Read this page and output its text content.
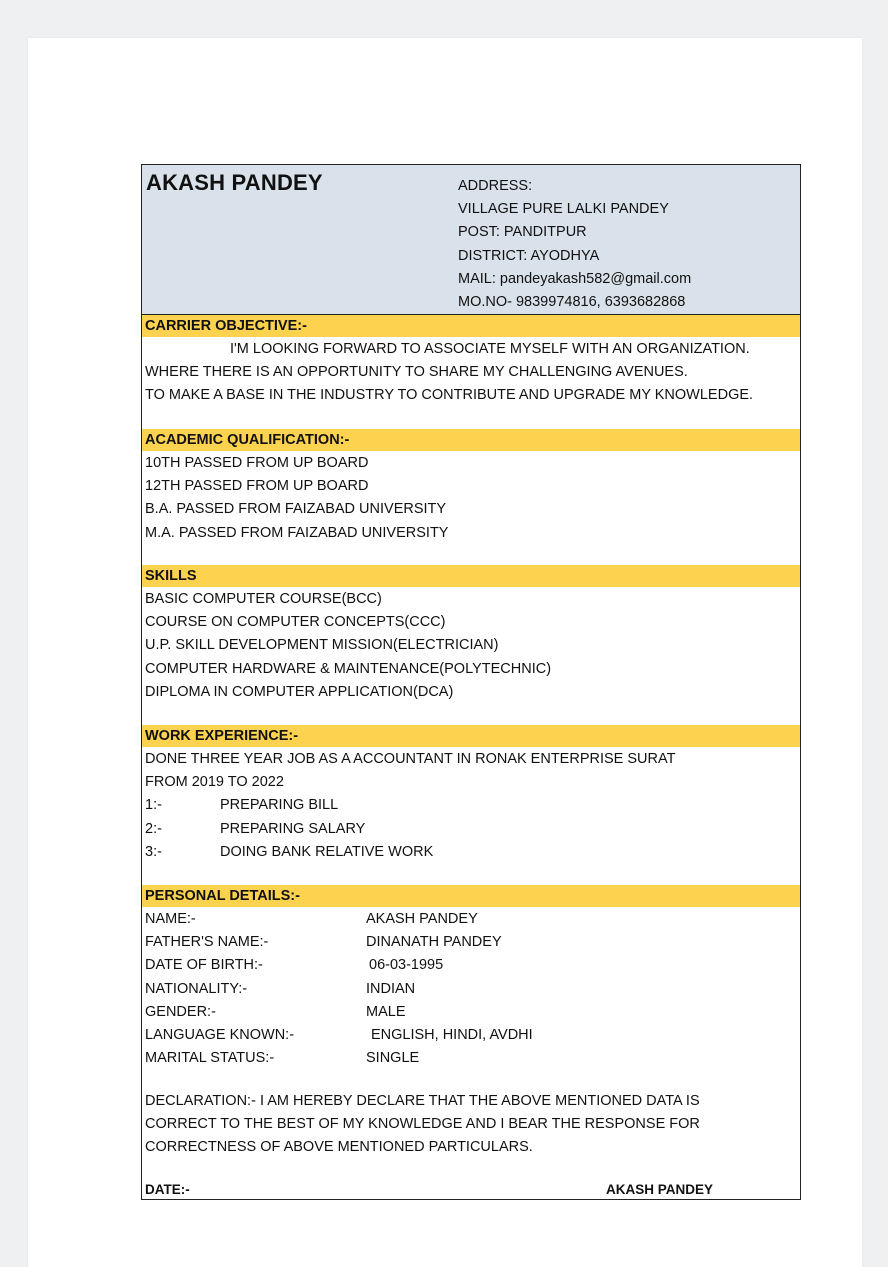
AKASH PANDEY	ADDRESS:
VILLAGE PURE LALKI PANDEY
POST: PANDITPUR
DISTRICT: AYODHYA
MAIL: pandeyakash582@gmail.com
MO.NO- 9839974816, 6393682868
CARRIER OBJECTIVE:-
I'M LOOKING FORWARD TO ASSOCIATE MYSELF WITH AN ORGANIZATION.
WHERE THERE IS AN OPPORTUNITY TO SHARE MY CHALLENGING AVENUES.
TO MAKE A BASE IN THE INDUSTRY TO CONTRIBUTE AND UPGRADE MY KNOWLEDGE.
ACADEMIC QUALIFICATION:-
10TH PASSED FROM UP BOARD
12TH PASSED FROM UP BOARD
B.A. PASSED FROM FAIZABAD UNIVERSITY
M.A. PASSED FROM FAIZABAD UNIVERSITY
SKILLS
BASIC COMPUTER COURSE(BCC)
COURSE ON COMPUTER CONCEPTS(CCC)
U.P. SKILL DEVELOPMENT MISSION(ELECTRICIAN)
COMPUTER HARDWARE & MAINTENANCE(POLYTECHNIC)
DIPLOMA IN COMPUTER APPLICATION(DCA)
WORK EXPERIENCE:-
DONE THREE YEAR JOB AS A ACCOUNTANT IN RONAK ENTERPRISE SURAT
FROM 2019 TO 2022
1:-	PREPARING BILL
2:-	PREPARING SALARY
3:-	DOING BANK RELATIVE WORK
PERSONAL DETAILS:-
NAME:-	AKASH PANDEY
FATHER'S NAME:-	DINANATH PANDEY
DATE OF BIRTH:-	06-03-1995
NATIONALITY:-	INDIAN
GENDER:-	MALE
LANGUAGE KNOWN:-	ENGLISH, HINDI, AVDHI
MARITAL STATUS:-	SINGLE
DECLARATION:- I AM HEREBY DECLARE THAT THE ABOVE MENTIONED DATA IS
CORRECT TO THE BEST OF MY KNOWLEDGE AND I BEAR THE RESPONSE FOR
CORRECTNESS OF ABOVE MENTIONED PARTICULARS.
DATE:-	AKASH PANDEY
